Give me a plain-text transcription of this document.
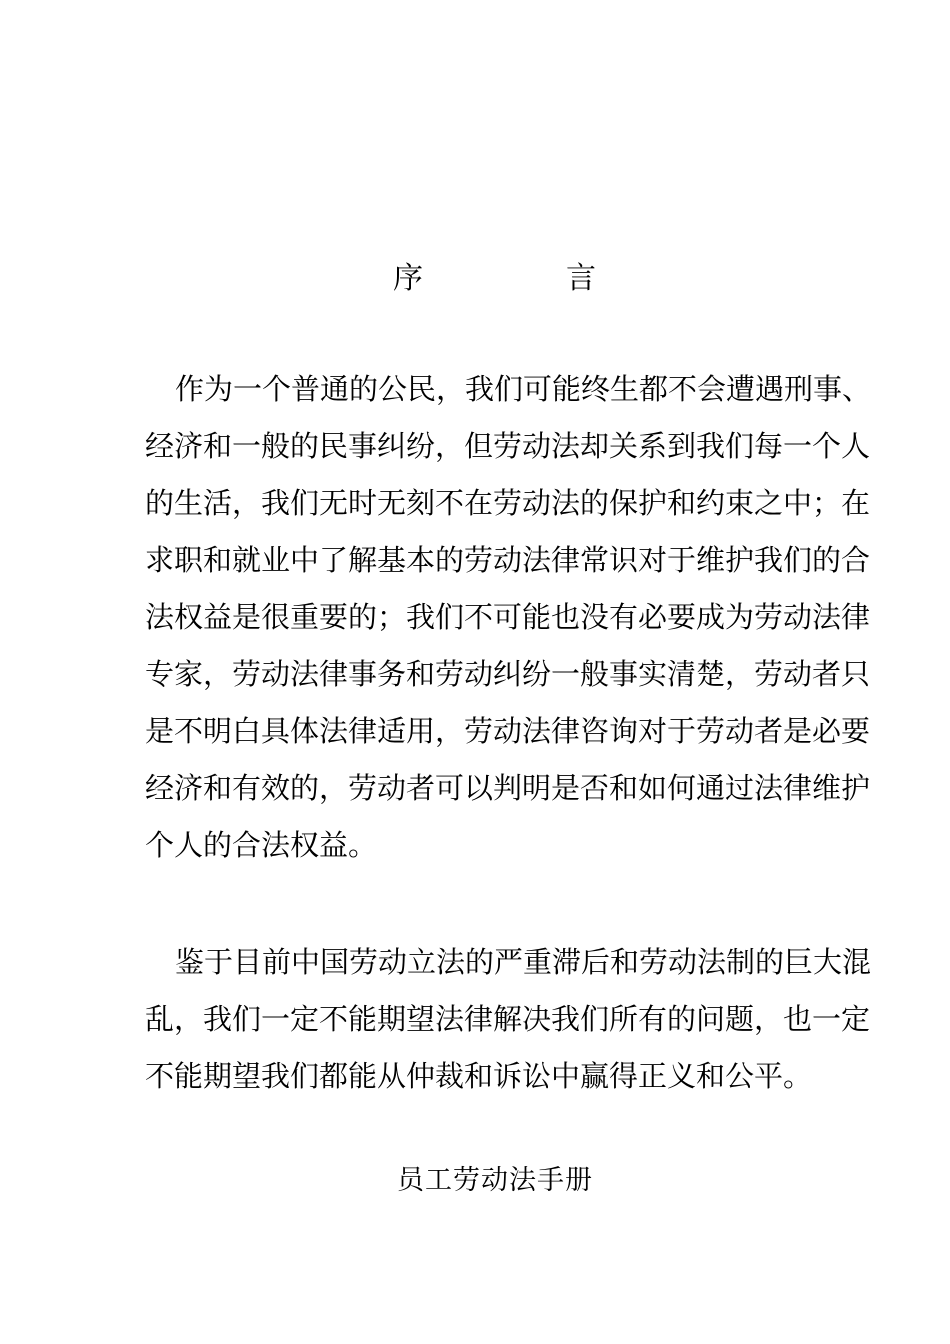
序	言
作为一个普通的公民，我们可能终生都不会遭遇刑事、
经济和一般的民事纠纷，但劳动法却关系到我们每一个人
的生活，我们无时无刻不在劳动法的保护和约束之中；在
求职和就业中了解基本的劳动法律常识对于维护我们的合
法权益是很重要的；我们不可能也没有必要成为劳动法律
专家，劳动法律事务和劳动纠纷一般事实清楚，劳动者只
是不明白具体法律适用，劳动法律咨询对于劳动者是必要
经济和有效的，劳动者可以判明是否和如何通过法律维护
个人的合法权益。
鉴于目前中国劳动立法的严重滞后和劳动法制的巨大混
乱，我们一定不能期望法律解决我们所有的问题，也一定
不能期望我们都能从仲裁和诉讼中赢得正义和公平。
员工劳动法手册
